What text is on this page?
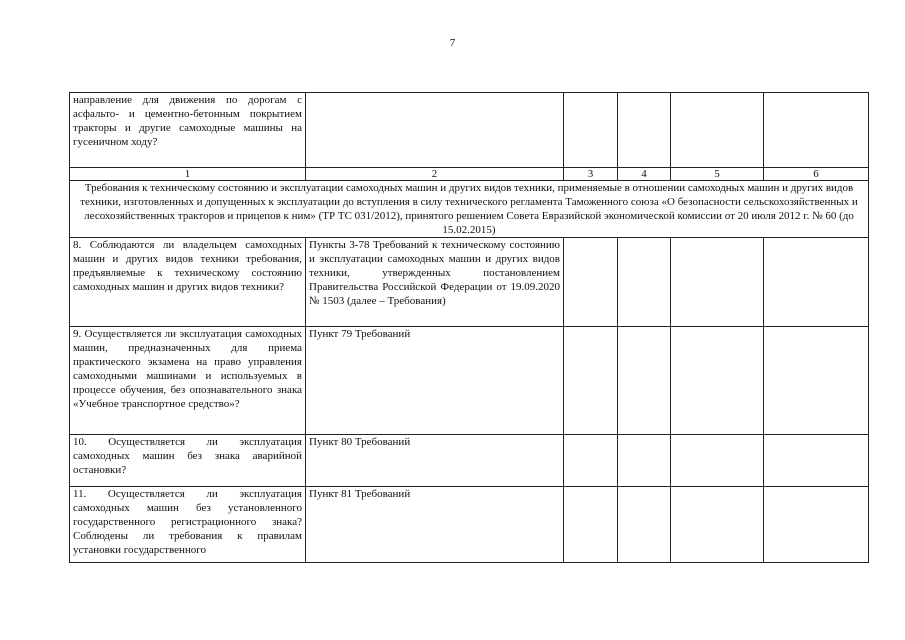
7
направление для движения по дорогам с асфальто- и цементно-бетонным покрытием тракторы и другие самоходные машины на гусеничном ходу?					
1	2	3	4	5	6
Требования к техническому состоянию и эксплуатации самоходных машин и других видов техники, применяемые в отношении самоходных машин и других видов техники, изготовленных и допущенных к эксплуатации до вступления в силу технического регламента Таможенного союза «О безопасности сельскохозяйственных и лесохозяйственных тракторов и прицепов к ним» (ТР ТС 031/2012), принятого решением Совета Евразийской экономической комиссии от 20 июля 2012 г. № 60 (до 15.02.2015)					
8. Соблюдаются ли владельцем самоходных машин и других видов техники требования, предъявляемые к техническому состоянию самоходных машин и других видов техники?	Пункты 3-78 Требований к техническому состоянию и эксплуатации самоходных машин и других видов техники, утвержденных постановлением Правительства Российской Федерации от 19.09.2020 № 1503 (далее – Требования)				
9. Осуществляется ли эксплуатация самоходных машин, предназначенных для приема практического экзамена на право управления самоходными машинами и используемых в процессе обучения, без опознавательного знака «Учебное транспортное средство»?	Пункт 79 Требований				
10. Осуществляется ли эксплуатация самоходных машин без знака аварийной остановки?	Пункт 80 Требований				
11. Осуществляется ли эксплуатация самоходных машин без установленного государственного регистрационного знака? Соблюдены ли требования к правилам установки государственного	Пункт 81 Требований				
